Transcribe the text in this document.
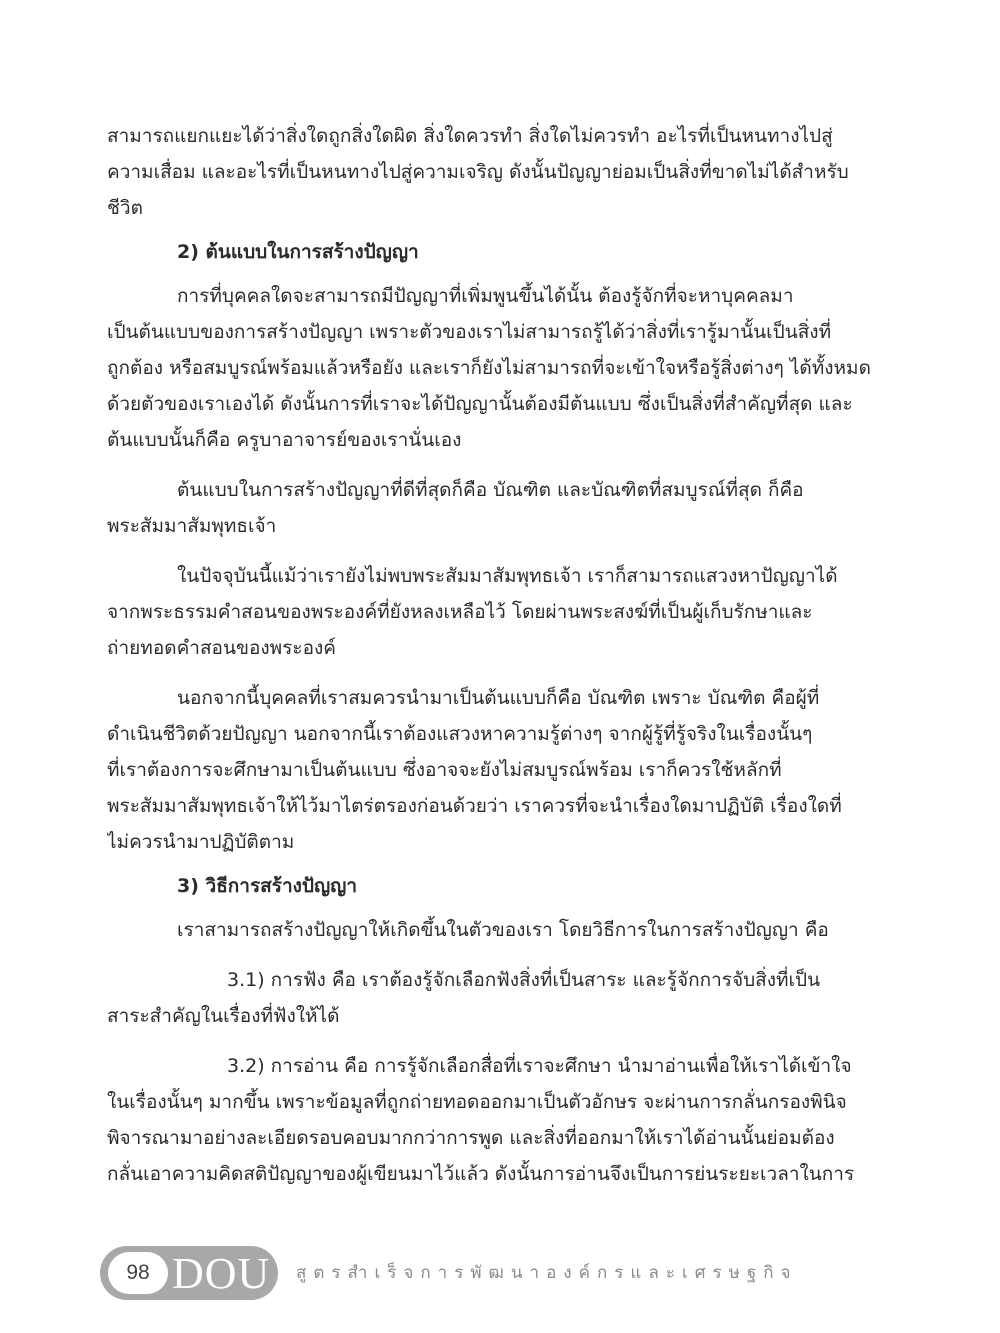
สามารถแยกแยะได้ว่าสิ่งใดถูกสิ่งใดผิด สิ่งใดควรทำ สิ่งใดไม่ควรทำ อะไรที่เป็นหนทางไปสู่
ความเสื่อม และอะไรที่เป็นหนทางไปสู่ความเจริญ ดังนั้นปัญญาย่อมเป็นสิ่งที่ขาดไม่ได้สำหรับ
ชีวิต
2) ต้นแบบในการสร้างปัญญา
การที่บุคคลใดจะสามารถมีปัญญาที่เพิ่มพูนขึ้นได้นั้น ต้องรู้จักที่จะหาบุคคลมา
เป็นต้นแบบของการสร้างปัญญา เพราะตัวของเราไม่สามารถรู้ได้ว่าสิ่งที่เรารู้มานั้นเป็นสิ่งที่
ถูกต้อง หรือสมบูรณ์พร้อมแล้วหรือยัง และเราก็ยังไม่สามารถที่จะเข้าใจหรือรู้สิ่งต่างๆ ได้ทั้งหมด
ด้วยตัวของเราเองได้ ดังนั้นการที่เราจะได้ปัญญานั้นต้องมีต้นแบบ ซึ่งเป็นสิ่งที่สำคัญที่สุด และ
ต้นแบบนั้นก็คือ ครูบาอาจารย์ของเรานั่นเอง
ต้นแบบในการสร้างปัญญาที่ดีที่สุดก็คือ บัณฑิต และบัณฑิตที่สมบูรณ์ที่สุด ก็คือ
พระสัมมาสัมพุทธเจ้า
ในปัจจุบันนี้แม้ว่าเรายังไม่พบพระสัมมาสัมพุทธเจ้า เราก็สามารถแสวงหาปัญญาได้
จากพระธรรมคำสอนของพระองค์ที่ยังหลงเหลือไว้ โดยผ่านพระสงฆ์ที่เป็นผู้เก็บรักษาและ
ถ่ายทอดคำสอนของพระองค์
นอกจากนี้บุคคลที่เราสมควรนำมาเป็นต้นแบบก็คือ บัณฑิต เพราะ บัณฑิต คือผู้ที่
ดำเนินชีวิตด้วยปัญญา นอกจากนี้เราต้องแสวงหาความรู้ต่างๆ จากผู้รู้ที่รู้จริงในเรื่องนั้นๆ
ที่เราต้องการจะศึกษามาเป็นต้นแบบ ซึ่งอาจจะยังไม่สมบูรณ์พร้อม เราก็ควรใช้หลักที่
พระสัมมาสัมพุทธเจ้าให้ไว้มาไตร่ตรองก่อนด้วยว่า เราควรที่จะนำเรื่องใดมาปฏิบัติ เรื่องใดที่
ไม่ควรนำมาปฏิบัติตาม
3) วิธีการสร้างปัญญา
เราสามารถสร้างปัญญาให้เกิดขึ้นในตัวของเรา โดยวิธีการในการสร้างปัญญา คือ
3.1) การฟัง คือ เราต้องรู้จักเลือกฟังสิ่งที่เป็นสาระ และรู้จักการจับสิ่งที่เป็น
สาระสำคัญในเรื่องที่ฟังให้ได้
3.2) การอ่าน คือ การรู้จักเลือกสื่อที่เราจะศึกษา นำมาอ่านเพื่อให้เราได้เข้าใจ
ในเรื่องนั้นๆ มากขึ้น เพราะข้อมูลที่ถูกถ่ายทอดออกมาเป็นตัวอักษร จะผ่านการกลั่นกรองพินิจ
พิจารณามาอย่างละเอียดรอบคอบมากกว่าการพูด และสิ่งที่ออกมาให้เราได้อ่านนั้นย่อมต้อง
กลั่นเอาความคิดสติปัญญาของผู้เขียนมาไว้แล้ว ดังนั้นการอ่านจึงเป็นการย่นระยะเวลาในการ
98 DOU สูตรสำเร็จการพัฒนาองค์กรและเศรษฐกิจ
